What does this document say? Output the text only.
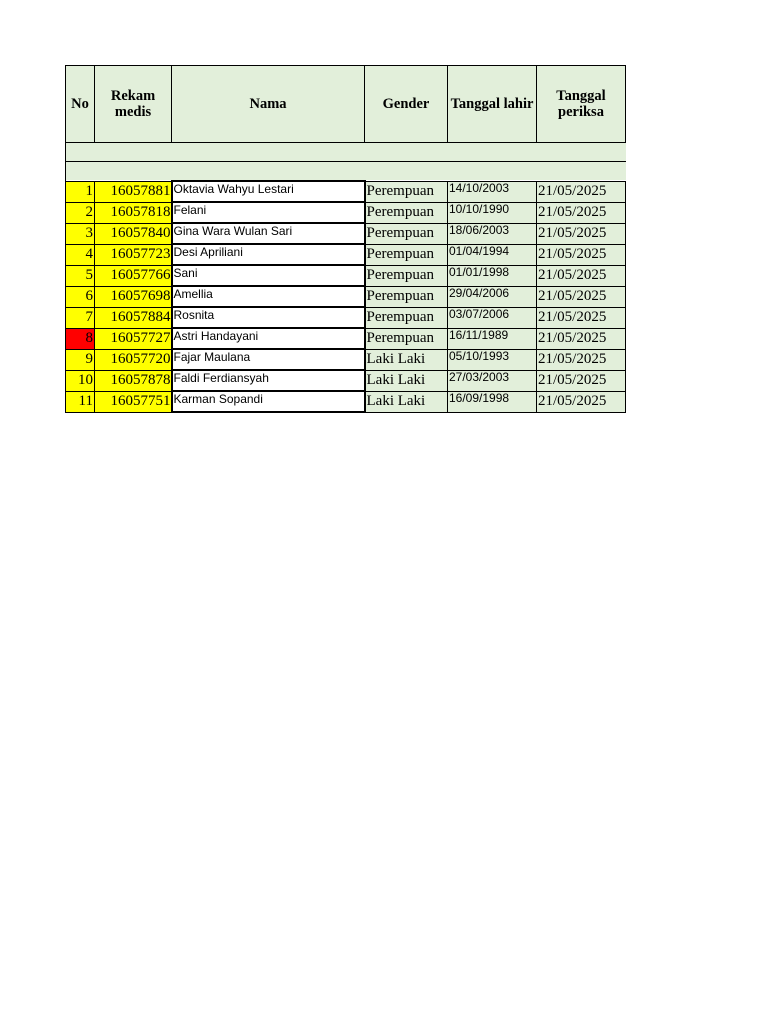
No	Rekam medis	Nama	Gender	Tanggal lahir	Tanggal periksa

1	16057881	Oktavia Wahyu Lestari	Perempuan	14/10/2003	21/05/2025
2	16057818	Felani	Perempuan	10/10/1990	21/05/2025
3	16057840	Gina Wara Wulan Sari	Perempuan	18/06/2003	21/05/2025
4	16057723	Desi Apriliani	Perempuan	01/04/1994	21/05/2025
5	16057766	Sani	Perempuan	01/01/1998	21/05/2025
6	16057698	Amellia	Perempuan	29/04/2006	21/05/2025
7	16057884	Rosnita	Perempuan	03/07/2006	21/05/2025
8	16057727	Astri Handayani	Perempuan	16/11/1989	21/05/2025
9	16057720	Fajar Maulana	Laki Laki	05/10/1993	21/05/2025
10	16057878	Faldi Ferdiansyah	Laki Laki	27/03/2003	21/05/2025
11	16057751	Karman Sopandi	Laki Laki	16/09/1998	21/05/2025
